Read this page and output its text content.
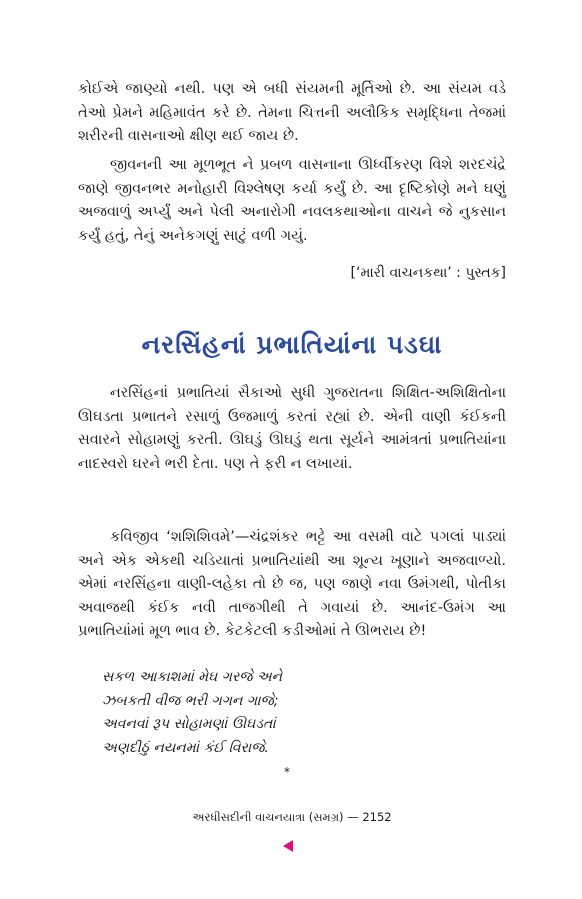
કોઈએ જાણ્યો નથી. પણ એ બધી સંયમની મૂર્તિઓ છે. આ સંયમ વડે તેઓ પ્રેમને મહિમાવંત કરે છે. તેમના ચિત્તની અલૌકિક સમૃદ્ધિના તેજમાં શરીરની વાસનાઓ ક્ષીણ થઈ જાય છે.

જીવનની આ મૂળભૂત ને પ્રબળ વાસનાના ઊર્ધ્વીકરણ વિશે શરદચંદ્રે જાણે જીવનભર મનોહારી વિશ્લેષણ કર્યા કર્યું છે. આ દૃષ્ટિકોણે મને ઘણું અજવાળું અર્પ્યું અને પેલી અનારોગી નવલકથાઓના વાચને જે નુકસાન કર્યું હતું, તેનું અનેકગણું સાટું વળી ગયું.

[‘મારી વાચનકથા’ : પુસ્તક]

નરસિંહનાં પ્રભાતિયાંના પડઘા

નરસિંહનાં પ્રભાતિયાં સૈકાઓ સુધી ગુજરાતના શિક્ષિત-અશિક્ષિતોના ઊઘડતા પ્રભાતને રસાળું ઉજમાળું કરતાં રહ્યાં છે. એની વાણી કંઈકની સવારને સોહામણું કરતી. ઊઘડું ઊઘડું થતા સૂર્યને આમંત્રતાં પ્રભાતિયાંના નાદસ્વરો ઘરને ભરી દેતા. પણ તે ફરી ન લખાયાં.

કવિજીવ ‘શશિશિવમે’—ચંદ્રશંકર ભટ્ટે આ વસમી વાટે પગલાં પાડ્યાં અને એક એકથી ચડિયાતાં પ્રભાતિયાંથી આ શૂન્ય ખૂણાને અજવાળ્યો. એમાં નરસિંહના વાણી-લહેકા તો છે જ, પણ જાણે નવા ઉમંગથી, પોતીકા અવાજથી કંઈક નવી તાજગીથી તે ગવાયાં છે. આનંદ-ઉમંગ આ પ્રભાતિયાંમાં મૂળ ભાવ છે. કેટકેટલી કડીઓમાં તે ઊભરાય છે!

સકળ આકાશમાં મેઘ ગરજે અને
ઝબકતી વીજ ભરી ગગન ગાજે;
અવનવાં રૂપ સોહામણાં ઊઘડતાં
અણદીઠું નયનમાં કંઈ વિરાજે.

*

અરધીસદીની વાચનયાત્રા (સમગ્ર) — 2152
